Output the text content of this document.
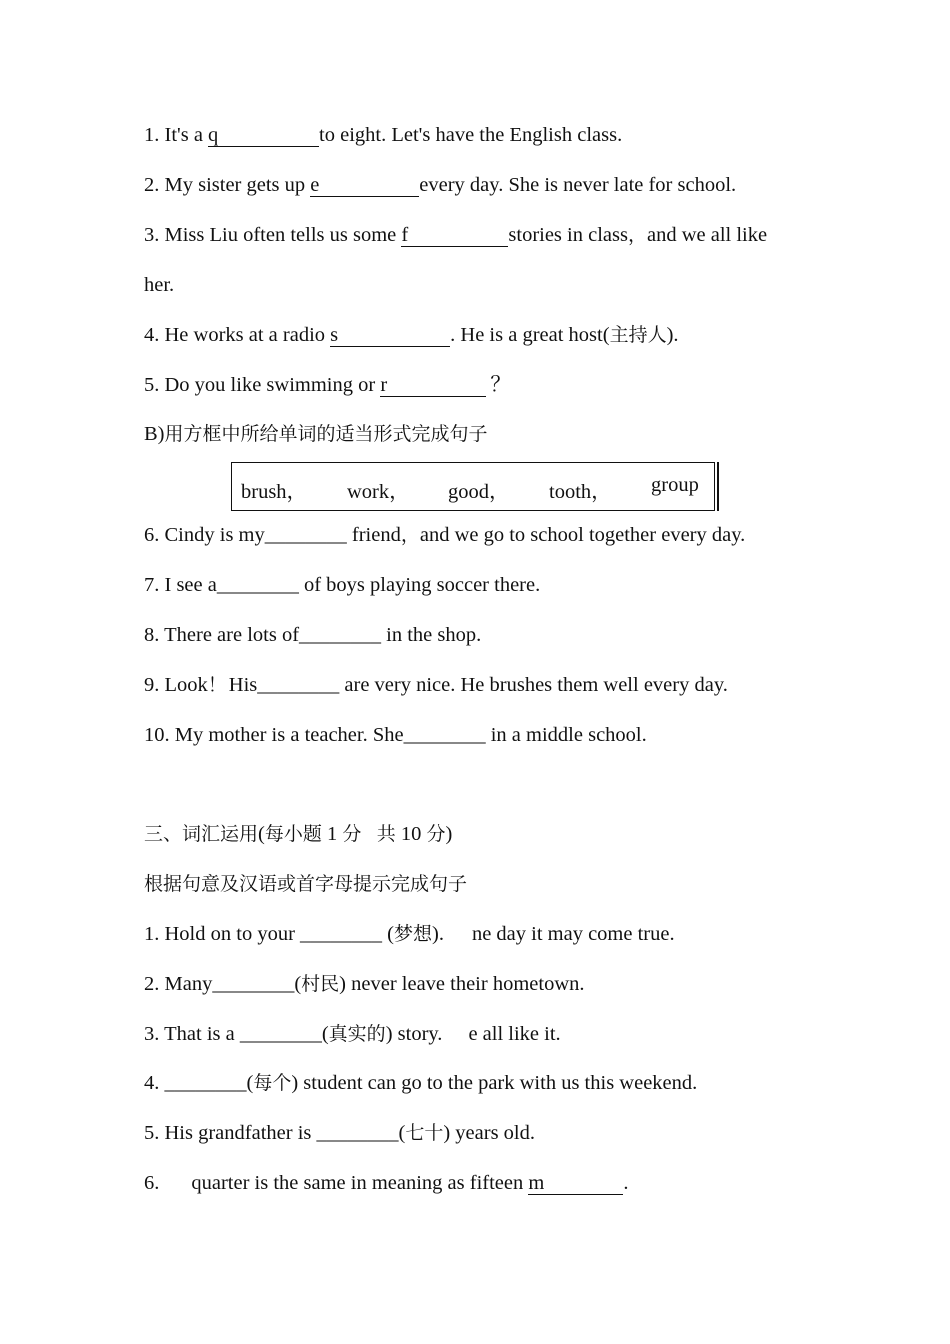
1. It's a q	to eight. Let's have the English class.
2. My sister gets up e	every day. She is never late for school.
3. Miss Liu often tells us some f	stories in class，and we all like
her.
4. He works at a radio s	. He is a great host(主持人).
5. Do you like swimming or r	？
B)用方框中所给单词的适当形式完成句子
brush， work， good， tooth， group
6. Cindy is my________ friend，and we go to school together every day.
7. I see a________ of boys playing soccer there.
8. There are lots of________ in the shop.
9. Look！His________ are very nice. He brushes them well every day.
10. My mother is a teacher. She________ in a middle school.
三、词汇运用(每小题 1 分 共 10 分)
根据句意及汉语或首字母提示完成句子
1. Hold on to your ________ (梦想). ne day it may come true.
2. Many________(村民) never leave their hometown.
3. That is a ________(真实的) story. e all like it.
4. ________(每个) student can go to the park with us this weekend.
5. His grandfather is ________(七十) years old.
6. quarter is the same in meaning as fifteen m	.
